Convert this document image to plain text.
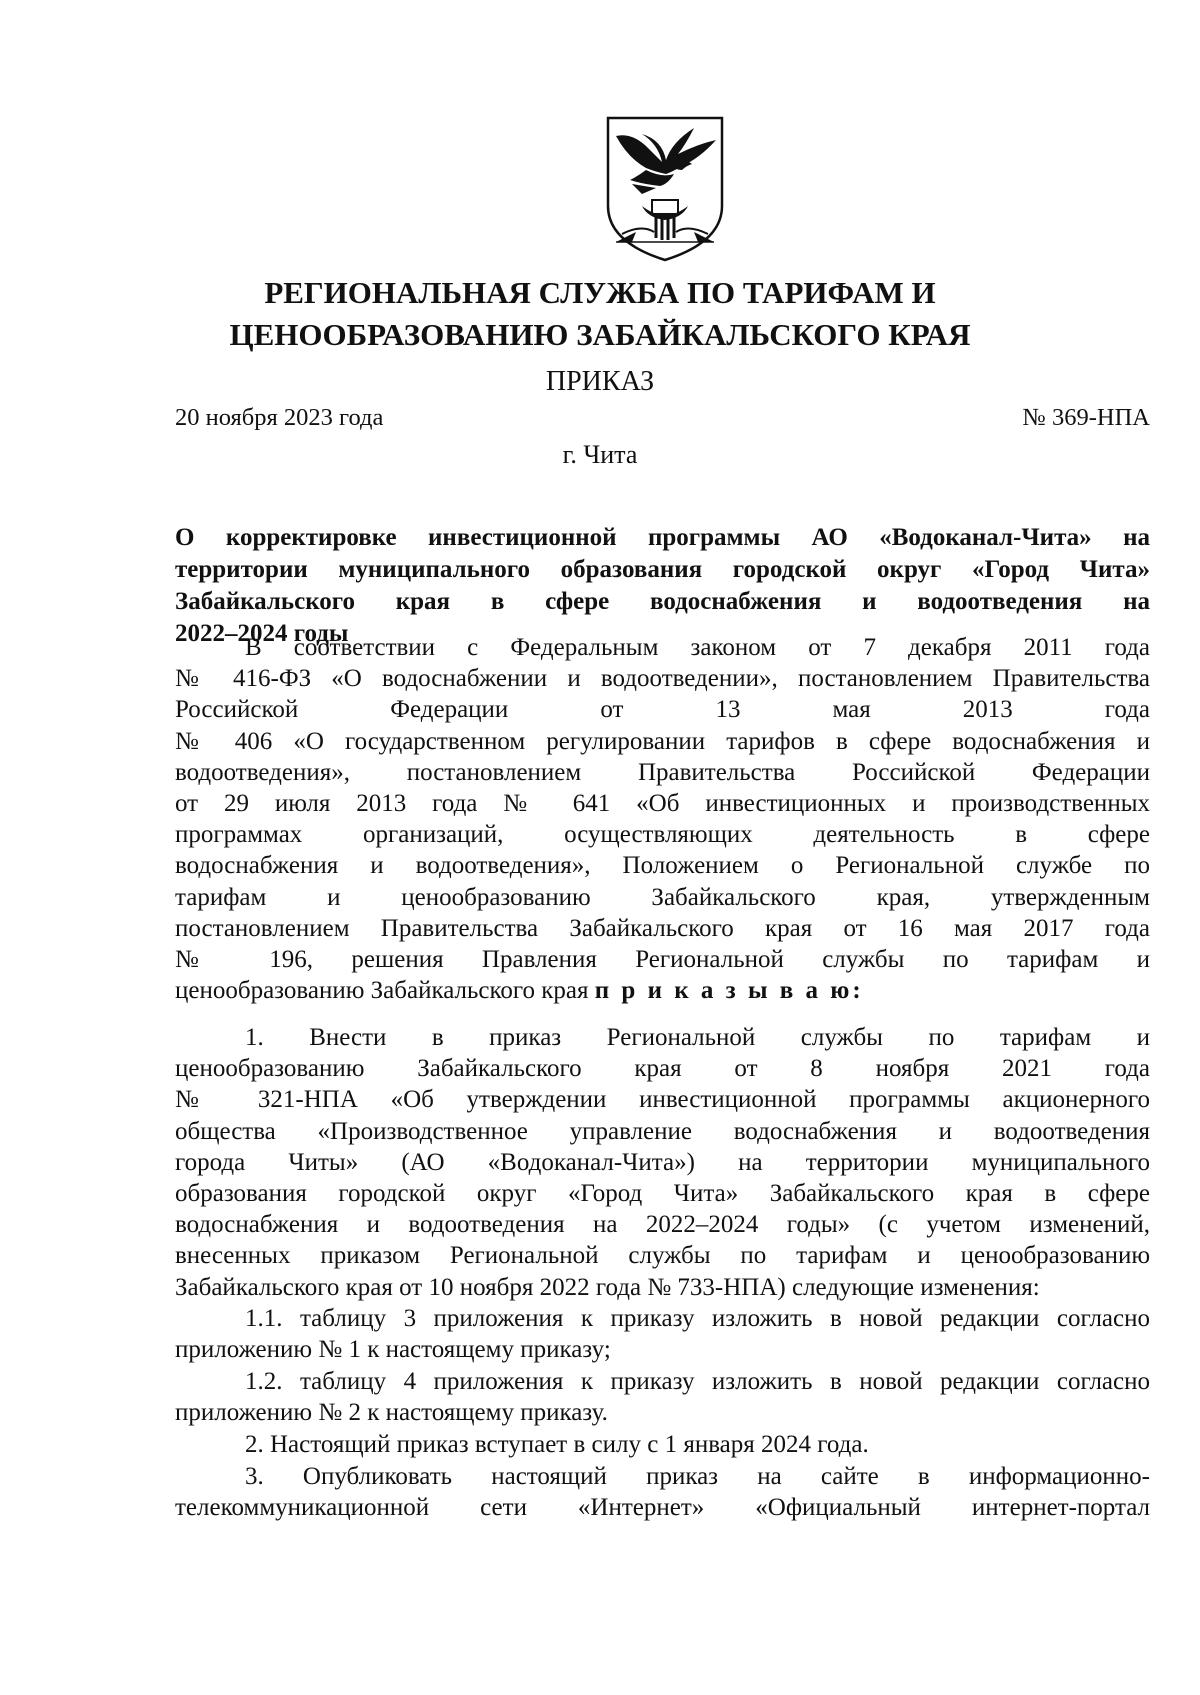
РЕГИОНАЛЬНАЯ СЛУЖБА ПО ТАРИФАМ И
ЦЕНООБРАЗОВАНИЮ ЗАБАЙКАЛЬСКОГО КРАЯ
ПРИКАЗ
20 ноября 2023 года	№ 369-НПА
г. Чита
О корректировке инвестиционной программы АО «Водоканал-Чита» на
территории муниципального образования городской округ «Город Чита»
Забайкальского края в сфере водоснабжения и водоотведения на
2022–2024 годы
В соответствии с Федеральным законом от 7 декабря 2011 года
№ 416-ФЗ «О водоснабжении и водоотведении», постановлением Правительства
Российской Федерации от 13 мая 2013 года
№ 406 «О государственном регулировании тарифов в сфере водоснабжения и
водоотведения», постановлением Правительства Российской Федерации
от 29 июля 2013 года № 641 «Об инвестиционных и производственных
программах организаций, осуществляющих деятельность в сфере
водоснабжения и водоотведения», Положением о Региональной службе по
тарифам и ценообразованию Забайкальского края, утвержденным
постановлением Правительства Забайкальского края от 16 мая 2017 года
№ 196, решения Правления Региональной службы по тарифам и
ценообразованию Забайкальского края п р и к а з ы в а ю:
1. Внести в приказ Региональной службы по тарифам и
ценообразованию Забайкальского края от 8 ноября 2021 года
№ 321-НПА «Об утверждении инвестиционной программы акционерного
общества «Производственное управление водоснабжения и водоотведения
города Читы» (АО «Водоканал-Чита») на территории муниципального
образования городской округ «Город Чита» Забайкальского края в сфере
водоснабжения и водоотведения на 2022–2024 годы» (с учетом изменений,
внесенных приказом Региональной службы по тарифам и ценообразованию
Забайкальского края от 10 ноября 2022 года № 733-НПА) следующие изменения:
1.1. таблицу 3 приложения к приказу изложить в новой редакции согласно
приложению № 1 к настоящему приказу;
1.2. таблицу 4 приложения к приказу изложить в новой редакции согласно
приложению № 2 к настоящему приказу.
2. Настоящий приказ вступает в силу с 1 января 2024 года.
3. Опубликовать настоящий приказ на сайте в информационно-
телекоммуникационной сети «Интернет» «Официальный интернет-портал
